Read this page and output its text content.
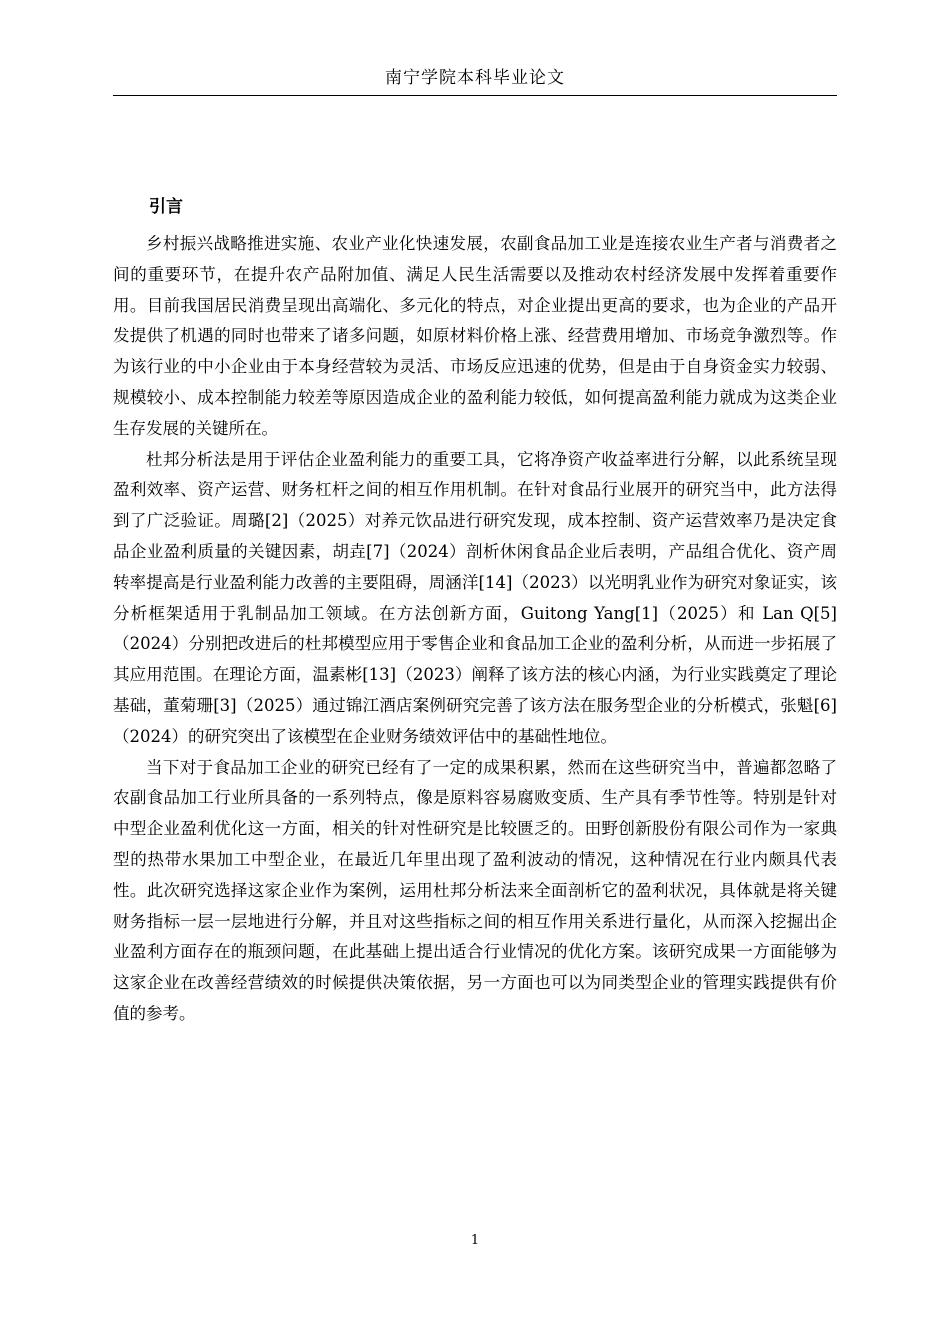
南宁学院本科毕业论文
引言

乡村振兴战略推进实施、农业产业化快速发展，农副食品加工业是连接农业生产者与消费者之间的重要环节，在提升农产品附加值、满足人民生活需要以及推动农村经济发展中发挥着重要作用。目前我国居民消费呈现出高端化、多元化的特点，对企业提出更高的要求，也为企业的产品开发提供了机遇的同时也带来了诸多问题，如原材料价格上涨、经营费用增加、市场竞争激烈等。作为该行业的中小企业由于本身经营较为灵活、市场反应迅速的优势，但是由于自身资金实力较弱、规模较小、成本控制能力较差等原因造成企业的盈利能力较低，如何提高盈利能力就成为这类企业生存发展的关键所在。

杜邦分析法是用于评估企业盈利能力的重要工具，它将净资产收益率进行分解，以此系统呈现盈利效率、资产运营、财务杠杆之间的相互作用机制。在针对食品行业展开的研究当中，此方法得到了广泛验证。周璐[2]（2025）对养元饮品进行研究发现，成本控制、资产运营效率乃是决定食品企业盈利质量的关键因素，胡垚[7]（2024）剖析休闲食品企业后表明，产品组合优化、资产周转率提高是行业盈利能力改善的主要阻碍，周涵洋[14]（2023）以光明乳业作为研究对象证实，该分析框架适用于乳制品加工领域。在方法创新方面，Guitong Yang[1]（2025）和 Lan Q[5]（2024）分别把改进后的杜邦模型应用于零售企业和食品加工企业的盈利分析，从而进一步拓展了其应用范围。在理论方面，温素彬[13]（2023）阐释了该方法的核心内涵，为行业实践奠定了理论基础，董菊珊[3]（2025）通过锦江酒店案例研究完善了该方法在服务型企业的分析模式，张魁[6]（2024）的研究突出了该模型在企业财务绩效评估中的基础性地位。

当下对于食品加工企业的研究已经有了一定的成果积累，然而在这些研究当中，普遍都忽略了农副食品加工行业所具备的一系列特点，像是原料容易腐败变质、生产具有季节性等。特别是针对中型企业盈利优化这一方面，相关的针对性研究是比较匮乏的。田野创新股份有限公司作为一家典型的热带水果加工中型企业，在最近几年里出现了盈利波动的情况，这种情况在行业内颇具代表性。此次研究选择这家企业作为案例，运用杜邦分析法来全面剖析它的盈利状况，具体就是将关键财务指标一层一层地进行分解，并且对这些指标之间的相互作用关系进行量化，从而深入挖掘出企业盈利方面存在的瓶颈问题，在此基础上提出适合行业情况的优化方案。该研究成果一方面能够为这家企业在改善经营绩效的时候提供决策依据，另一方面也可以为同类型企业的管理实践提供有价值的参考。

1
